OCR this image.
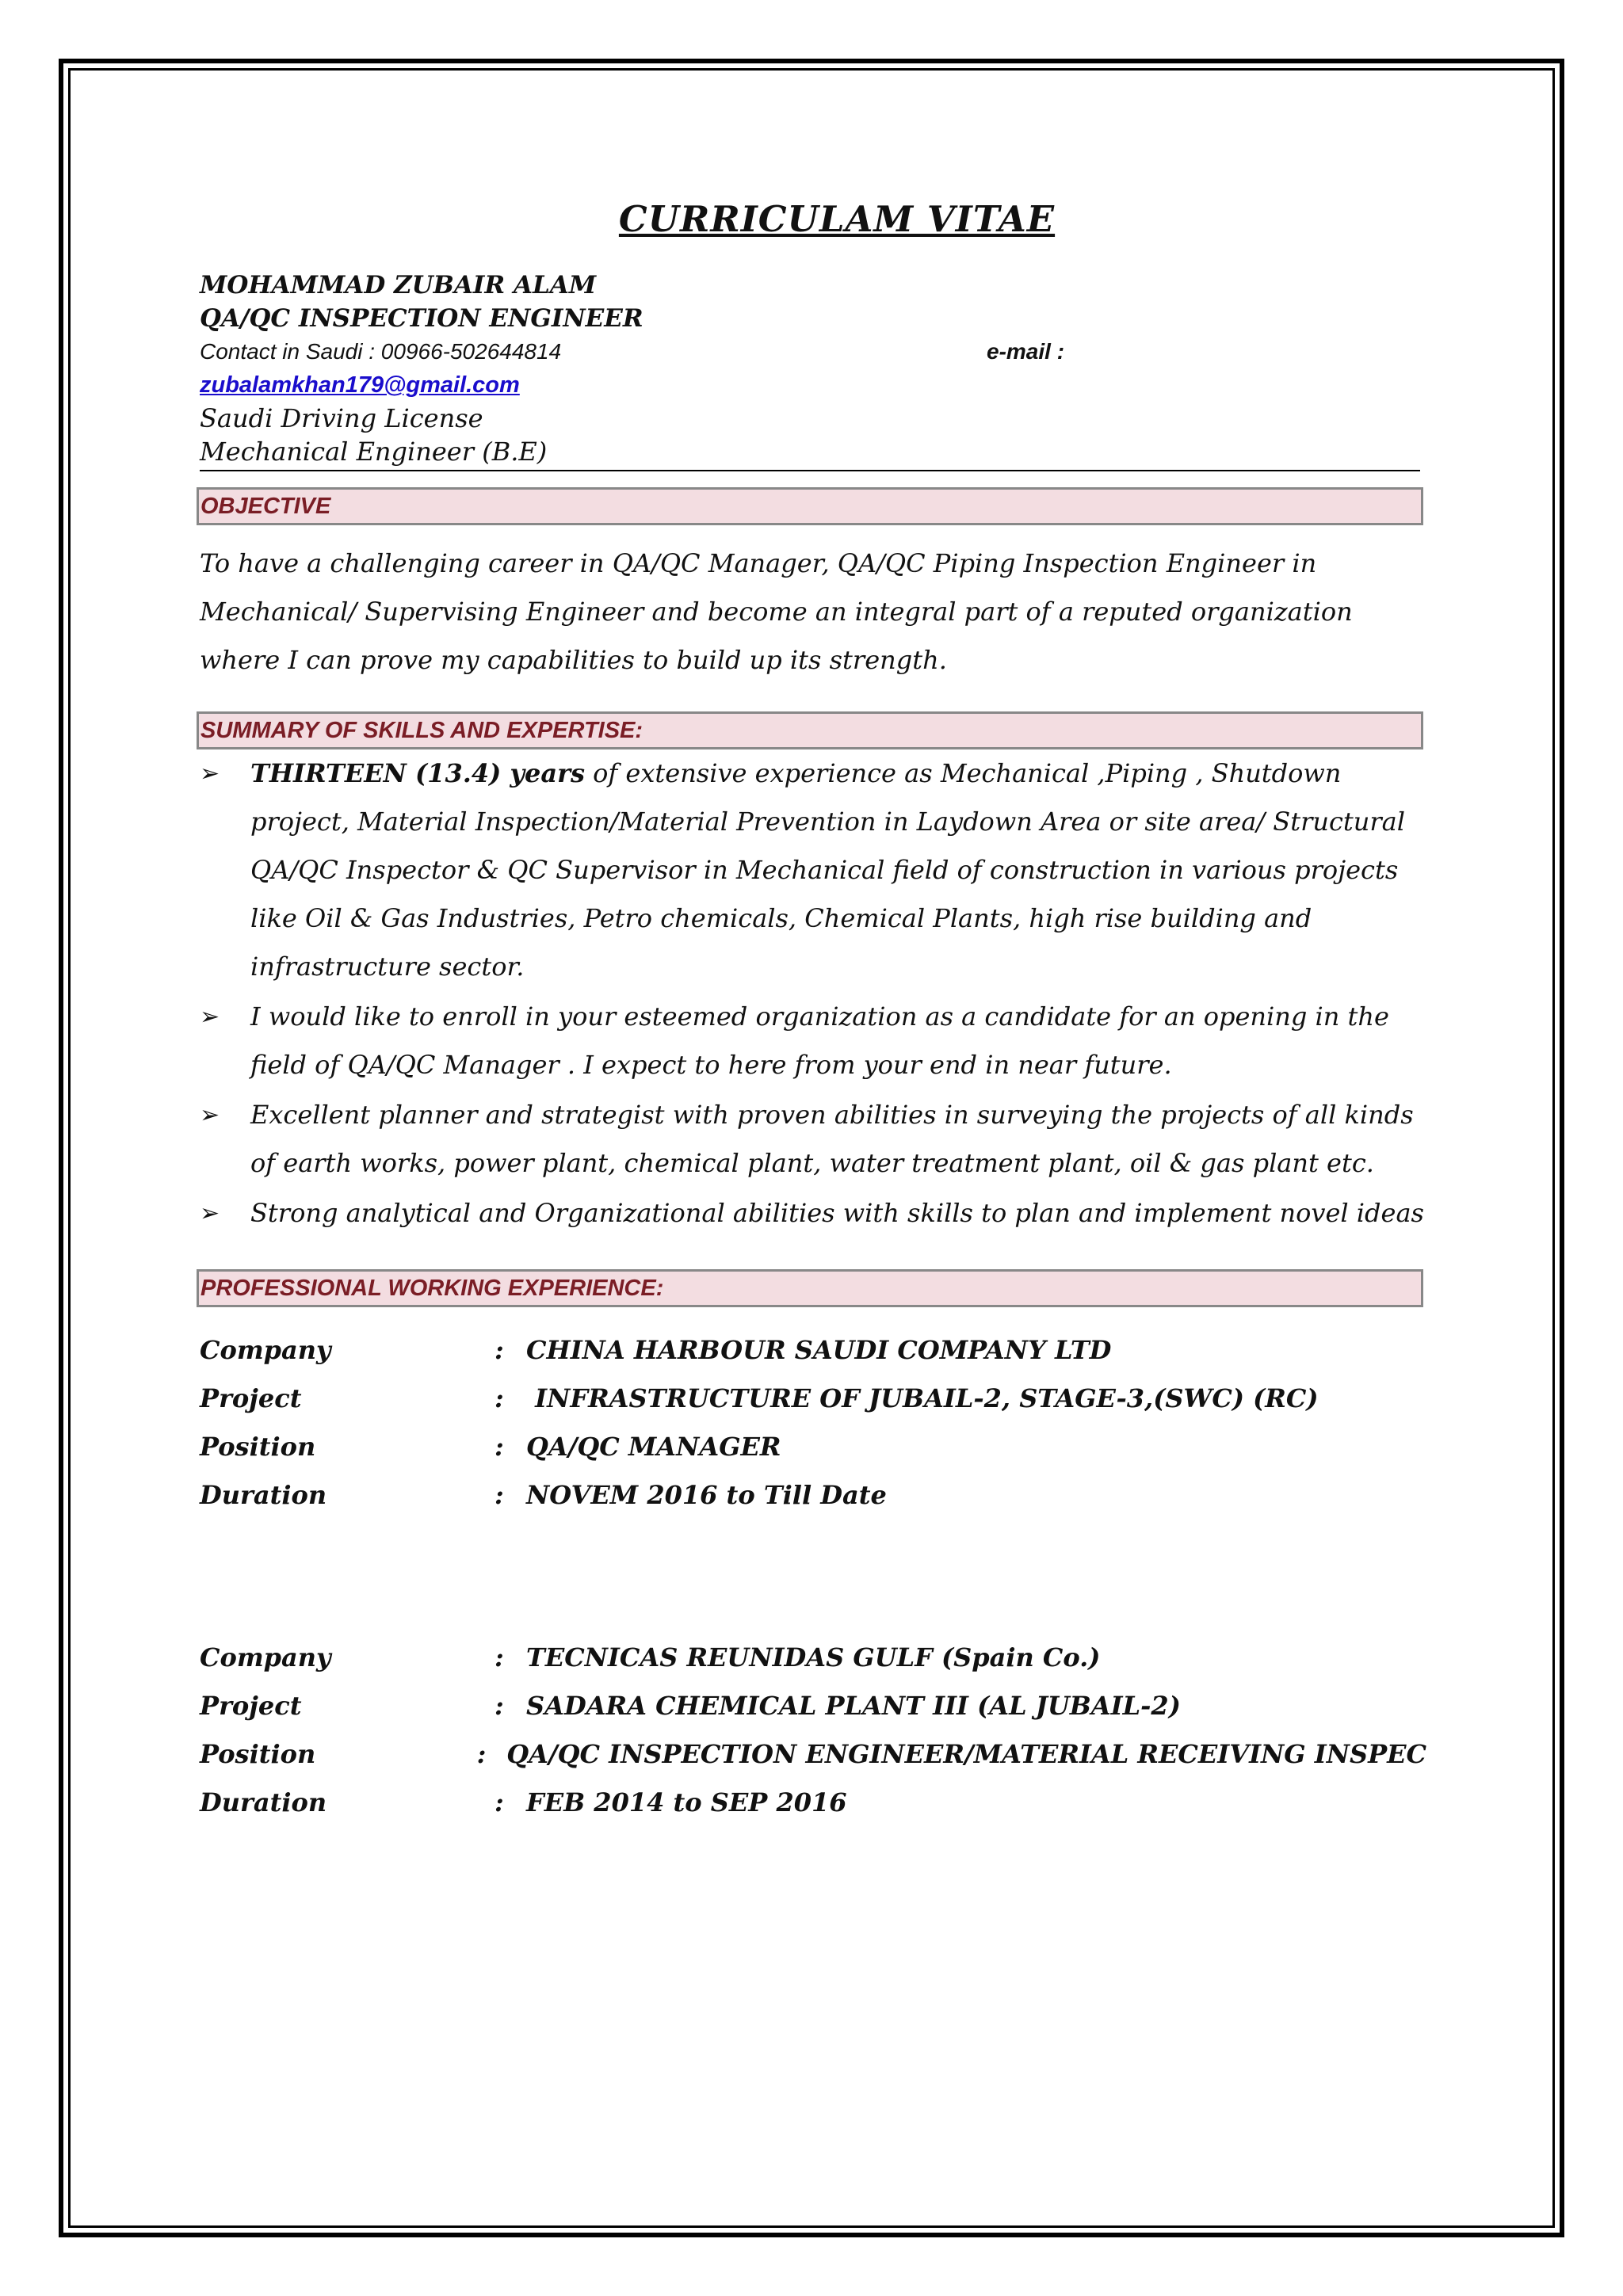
CURRICULAM VITAE
MOHAMMAD ZUBAIR ALAM
QA/QC INSPECTION ENGINEER
Contact in Saudi : 00966-502644814	e-mail :
zubalamkhan179@gmail.com
Saudi Driving License
Mechanical Engineer (B.E)
OBJECTIVE
To have a challenging career in QA/QC Manager, QA/QC Piping Inspection Engineer in
Mechanical/ Supervising Engineer and become an integral part of a reputed organization
where I can prove my capabilities to build up its strength.
SUMMARY OF SKILLS AND EXPERTISE:
➢ THIRTEEN (13.4) years of extensive experience as Mechanical ,Piping , Shutdown project, Material Inspection/Material Prevention in Laydown Area or site area/ Structural QA/QC Inspector & QC Supervisor in Mechanical field of construction in various projects like Oil & Gas Industries, Petro chemicals, Chemical Plants, high rise building and infrastructure sector.
➢ I would like to enroll in your esteemed organization as a candidate for an opening in the field of QA/QC Manager . I expect to here from your end in near future.
➢ Excellent planner and strategist with proven abilities in surveying the projects of all kinds of earth works, power plant, chemical plant, water treatment plant, oil & gas plant etc.
➢ Strong analytical and Organizational abilities with skills to plan and implement novel ideas
PROFESSIONAL WORKING EXPERIENCE:
Company	: CHINA HARBOUR SAUDI COMPANY LTD
Project	: INFRASTRUCTURE OF JUBAIL-2, STAGE-3,(SWC) (RC)
Position	: QA/QC MANAGER
Duration	: NOVEM 2016 to Till Date
Company	: TECNICAS REUNIDAS GULF (Spain Co.)
Project	: SADARA CHEMICAL PLANT III (AL JUBAIL-2)
Position	: QA/QC INSPECTION ENGINEER/MATERIAL RECEIVING INSPEC
Duration	: FEB 2014 to SEP 2016
